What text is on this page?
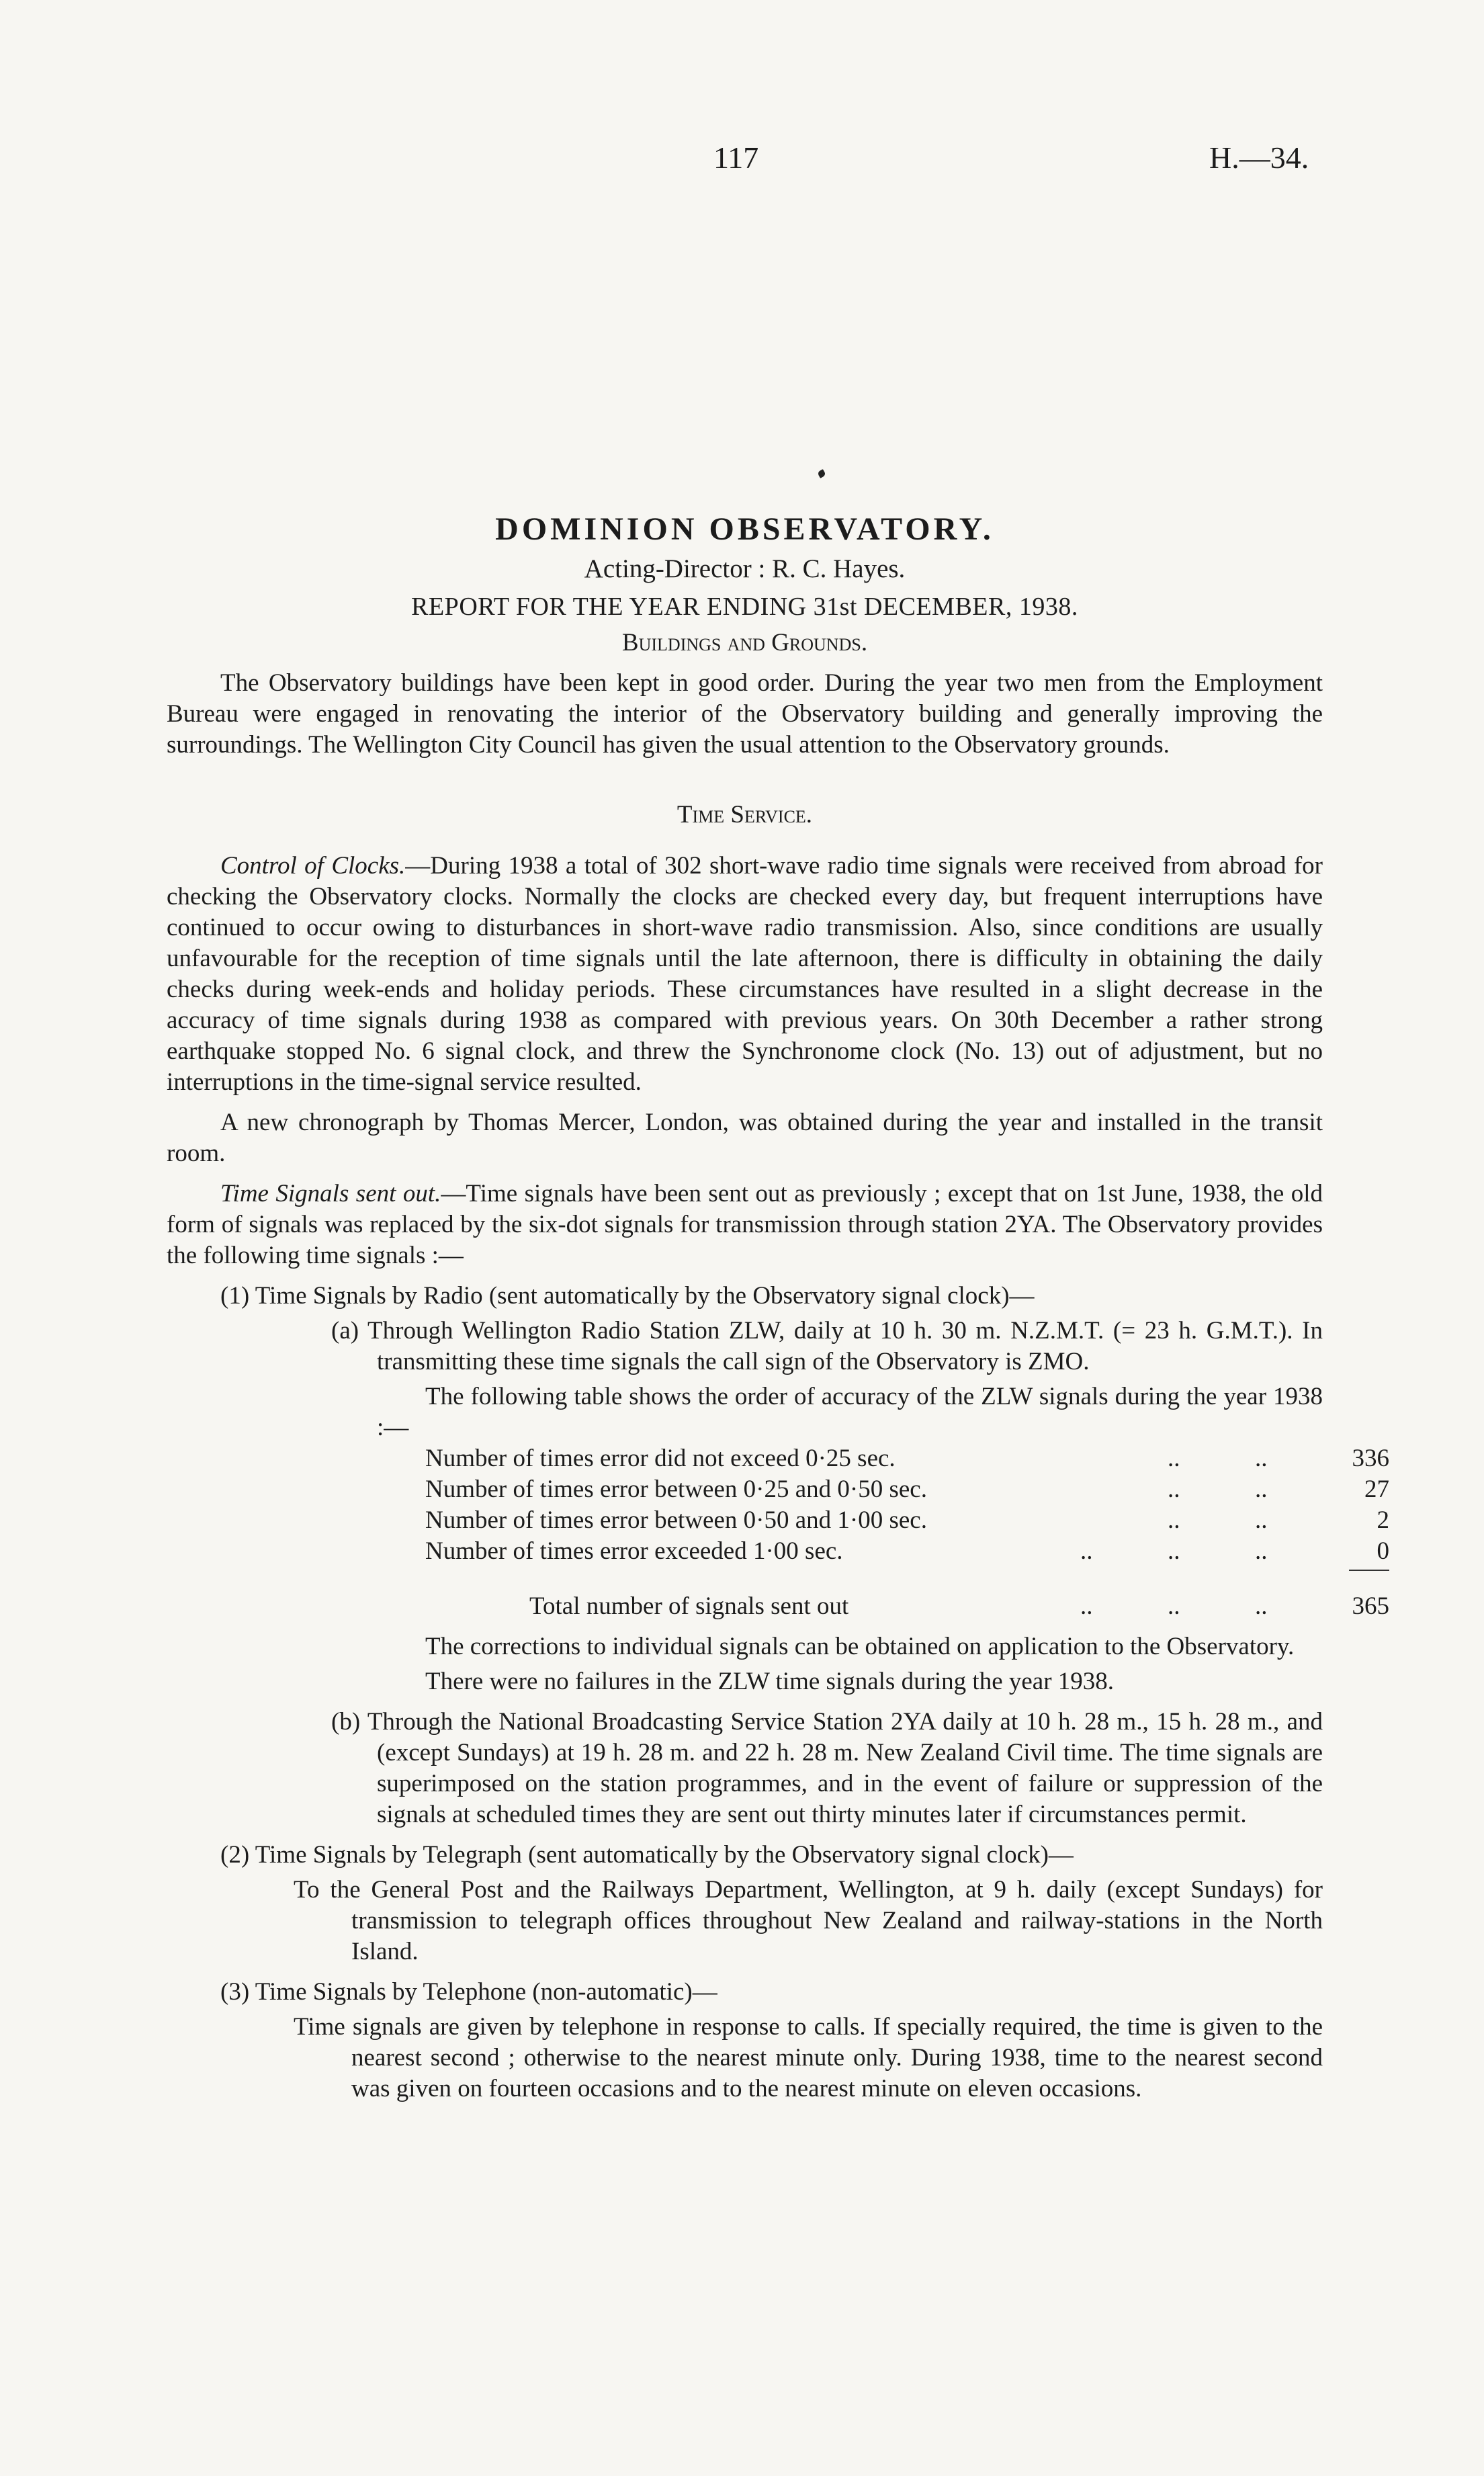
117	H.—34.
DOMINION OBSERVATORY.
Acting-Director : R. C. Hayes.
REPORT FOR THE YEAR ENDING 31st DECEMBER, 1938.
Buildings and Grounds.

The Observatory buildings have been kept in good order. During the year two men from the Employment Bureau were engaged in renovating the interior of the Observatory building and generally improving the surroundings. The Wellington City Council has given the usual attention to the Observatory grounds.

Time Service.

Control of Clocks.—During 1938 a total of 302 short-wave radio time signals were received from abroad for checking the Observatory clocks. Normally the clocks are checked every day, but frequent interruptions have continued to occur owing to disturbances in short-wave radio transmission. Also, since conditions are usually unfavourable for the reception of time signals until the late afternoon, there is difficulty in obtaining the daily checks during week-ends and holiday periods. These circumstances have resulted in a slight decrease in the accuracy of time signals during 1938 as compared with previous years. On 30th December a rather strong earthquake stopped No. 6 signal clock, and threw the Synchronome clock (No. 13) out of adjustment, but no interruptions in the time-signal service resulted.

A new chronograph by Thomas Mercer, London, was obtained during the year and installed in the transit room.

Time Signals sent out.—Time signals have been sent out as previously ; except that on 1st June, 1938, the old form of signals was replaced by the six-dot signals for transmission through station 2YA. The Observatory provides the following time signals :—

(1) Time Signals by Radio (sent automatically by the Observatory signal clock)—

(a) Through Wellington Radio Station ZLW, daily at 10 h. 30 m. N.Z.M.T. (= 23 h. G.M.T.). In transmitting these time signals the call sign of the Observatory is ZMO.

The following table shows the order of accuracy of the ZLW signals during the year 1938 :—

Number of times error did not exceed 0·25 sec.	..	..	336
Number of times error between 0·25 and 0·50 sec.	..	..	27
Number of times error between 0·50 and 1·00 sec.	..	..	2
Number of times error exceeded 1·00 sec.	..	..	..	0
Total number of signals sent out	..	..	..	365

The corrections to individual signals can be obtained on application to the Observatory.

There were no failures in the ZLW time signals during the year 1938.

(b) Through the National Broadcasting Service Station 2YA daily at 10 h. 28 m., 15 h. 28 m., and (except Sundays) at 19 h. 28 m. and 22 h. 28 m. New Zealand Civil time. The time signals are superimposed on the station programmes, and in the event of failure or suppression of the signals at scheduled times they are sent out thirty minutes later if circumstances permit.

(2) Time Signals by Telegraph (sent automatically by the Observatory signal clock)—

To the General Post and the Railways Department, Wellington, at 9 h. daily (except Sundays) for transmission to telegraph offices throughout New Zealand and railway-stations in the North Island.

(3) Time Signals by Telephone (non-automatic)—

Time signals are given by telephone in response to calls. If specially required, the time is given to the nearest second ; otherwise to the nearest minute only. During 1938, time to the nearest second was given on fourteen occasions and to the nearest minute on eleven occasions.
